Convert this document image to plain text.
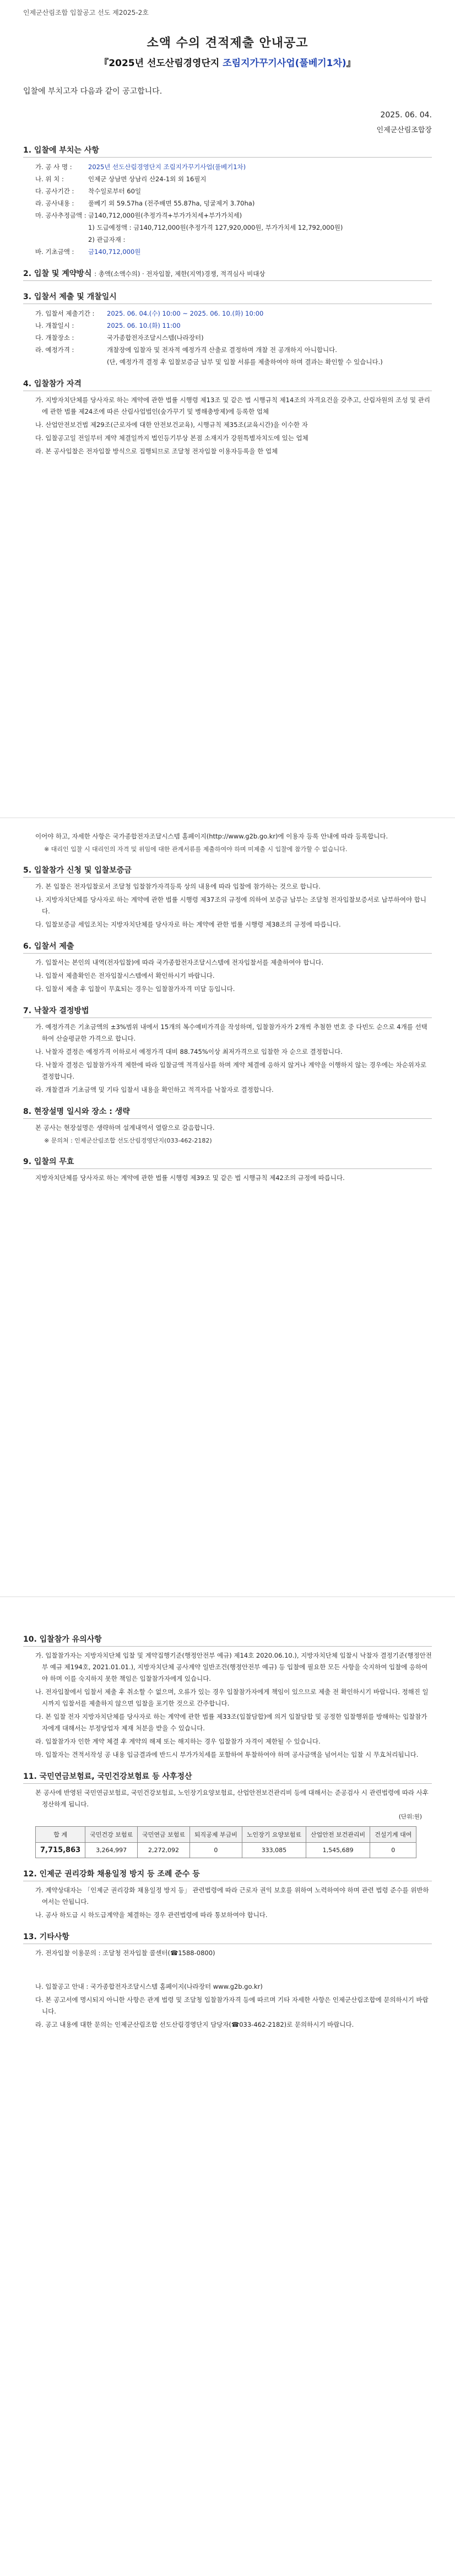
인제군산림조합 입찰공고 선도 제2025-2호
소액 수의 견적제출 안내공고
『2025년 선도산림경영단지 조림지가꾸기사업(풀베기1차)』
입찰에 부치고자 다음과 같이 공고합니다.
2025. 06. 04.
인제군산림조합장
1. 입찰에 부치는 사항
가. 공 사 명 :	2025년 선도산림경영단지 조림지가꾸기사업(풀베기1차)
나. 위 치 :	인제군 상남면 상남리 산24-1외 외 16필지
다. 공사기간 : 착수일로부터 60일
라. 공사내용 : 풀베기 외 59.57ha (전주배면 55.87ha, 덩굴제거 3.70ha)
마. 공사추정금액 : 금140,712,000원(추정가격+부가가치세+부가가치세)
1) 도급예정액 : 금140,712,000원(추정가격 127,920,000원, 부가가치세 12,792,000원)
2) 관급자재 :
바. 기초금액 : 금140,712,000원
2. 입찰 및 계약방식 : 총액(소액수의) · 전자입찰, 제한(지역)경쟁, 적격심사 비대상
3. 입찰서 제출 및 개찰일시
가. 입찰서 제출기간 : 2025. 06. 04.(수) 10:00 ~ 2025. 06. 10.(화) 10:00
나. 개찰일시 :	2025. 06. 10.(화) 11:00
다. 개찰장소 :	국가종합전자조달시스템(나라장터)
라. 예정가격 :	개찰장에 입찰자 및 전자적 예정가격 산출로 결정하며 개찰 전 공개하지 아니합니다.
(단, 예정가격 결정 후 입찰보증금 납부 및 입찰 서류를 제출하여야 하며 결과는 확인할 수 있습니다.)
4. 입찰참가 자격
가. 지방자치단체를 당사자로 하는 계약에 관한 법률 시행령 제13조 및 같은 법 시행규칙 제14조의 자격요건을 갖추고, 산림자원의 조성 및 관리에 관한 법률 제24조에 따른 산림사업법인(숲가꾸기 및 병해충방제)에 등록한 업체
나. 산업안전보건법 제29조(근로자에 대한 안전보건교육), 시행규칙 제35조(교육시간)을 이수한 자
다. 입찰공고일 전일부터 계약 체결일까지 법인등기부상 본점 소재지가 강원특별자치도에 있는 업체
라. 본 공사입찰은 전자입찰 방식으로 집행되므로 조달청 전자입찰 이용자등록을 한 업체
이어야 하고, 자세한 사항은 국가종합전자조달시스템 홈페이지(http://www.g2b.go.kr)에 이용자 등록 안내에 따라 등록합니다.
※ 대리인 입찰 시 대리인의 자격 및 위임에 대한 관계서류를 제출하여야 하며 미제출 시 입찰에 참가할 수 없습니다.
5. 입찰참가 신청 및 입찰보증금
가. 본 입찰은 전자입찰로서 조달청 입찰참가자격등록 상의 내용에 따라 입찰에 참가하는 것으로 합니다.
나. 지방자치단체를 당사자로 하는 계약에 관한 법률 시행령 제37조의 규정에 의하여 보증금 납부는 조달청 전자입찰보증서로 납부하여야 합니다.
다. 입찰보증금 세입조치는 지방자치단체를 당사자로 하는 계약에 관한 법률 시행령 제38조의 규정에 따릅니다.
6. 입찰서 제출
가. 입찰서는 본인의 내역(전자입찰)에 따라 국가종합전자조달시스템에 전자입찰서를 제출하여야 합니다.
나. 입찰서 제출확인은 전자입찰시스템에서 확인하시기 바랍니다.
다. 입찰서 제출 후 입찰이 무효되는 경우는 입찰참가자격 미달 등입니다.
7. 낙찰자 결정방법
가. 예정가격은 기초금액의 ±3%범위 내에서 15개의 복수예비가격을 작성하며, 입찰참가자가 2개씩 추첨한 번호 중 다빈도 순으로 4개를 선택하여 산술평균한 가격으로 합니다.
나. 낙찰자 결정은 예정가격 이하로서 예정가격 대비 88.745%이상 최저가격으로 입찰한 자 순으로 결정합니다.
다. 낙찰자 결정은 입찰참가자격 제한에 따라 입찰금액 적격심사를 하며 계약 체결에 응하지 않거나 계약을 이행하지 않는 경우에는 차순위자로 결정합니다.
라. 개찰결과 기초금액 및 기타 입찰서 내용을 확인하고 적격자를 낙찰자로 결정합니다.
8. 현장설명 일시와 장소 : 생략
본 공사는 현장설명은 생략하며 설계내역서 열람으로 갈음합니다.
※ 문의처 : 인제군산림조합 선도산림경영단지(033-462-2182)
9. 입찰의 무효
지방자치단체를 당사자로 하는 계약에 관한 법률 시행령 제39조 및 같은 법 시행규칙 제42조의 규정에 따릅니다.
10. 입찰참가 유의사항
가. 입찰참가자는 지방자치단체 입찰 및 계약집행기준(행정안전부 예규) 제14호 2020.06.10.), 지방자치단체 입찰시 낙찰자 결정기준(행정안전부 예규 제194호, 2021.01.01.), 지방자치단체 공사계약 일반조건(행정안전부 예규) 등 입찰에 필요한 모든 사항을 숙지하여 입찰에 응하여야 하며 이를 숙지하지 못한 책임은 입찰참가자에게 있습니다.
나. 전자입찰에서 입찰서 제출 후 취소할 수 없으며, 오류가 있는 경우 입찰참가자에게 책임이 있으므로 제출 전 확인하시기 바랍니다. 정해진 일시까지 입찰서를 제출하지 않으면 입찰을 포기한 것으로 간주합니다.
다. 본 입찰 전자 지방자치단체를 당사자로 하는 계약에 관한 법률 제33조(입찰담합)에 의거 입찰담합 및 공정한 입찰행위를 방해하는 입찰참가자에게 대해서는 부정당업자 제재 처분을 받을 수 있습니다.
라. 입찰참가자 인한 계약 체결 후 계약의 해제 또는 해지하는 경우 입찰참가 자격이 제한될 수 있습니다.
마. 입찰자는 견적서작성 공 내용 입금결과에 반드시 부가가치세를 포함하여 투찰하여야 하며 공사금액을 넘어서는 입찰 시 무효처리됩니다.
11. 국민연금보험료, 국민건강보험료 등 사후정산
본 공사에 반영된 국민연금보험료, 국민건강보험료, 노인장기요양보험료, 산업안전보건관리비 등에 대해서는 준공검사 시 관련법령에 따라 사후정산하게 됩니다.
(단위:원)
합 계	국민건강 보험료	국민연금 보험료	퇴직공제 부금비	노인장기 요양보험료	산업안전 보건관리비	건설기계 대여
7,715,863	3,264,997	2,272,092	0	333,085	1,545,689	0
12. 인제군 권리강화 채용일정 방지 등 조례 준수 등
가. 계약상대자는 「인제군 권리강화 채용일정 방지 등」 관련법령에 따라 근로자 권익 보호를 위하여 노력하여야 하며 관련 법령 준수를 위반하여서는 안됩니다.
나. 공사 하도급 시 하도급계약을 체결하는 경우 관련법령에 따라 통보하여야 합니다.
13. 기타사항
가. 전자입찰 이용문의 : 조달청 전자입찰 콜센터(☎1588-0800)
나. 입찰공고 안내 : 국가종합전자조달시스템 홈페이지(나라장터 www.g2b.go.kr)
다. 본 공고서에 명시되지 아니한 사항은 관계 법령 및 조달청 입찰참가자격 등에 따르며 기타 자세한 사항은 인제군산림조합에 문의하시기 바랍니다.
라. 공고 내용에 대한 문의는 인제군산림조합 선도산림경영단지 담당자(☎033-462-2182)로 문의하시기 바랍니다.
